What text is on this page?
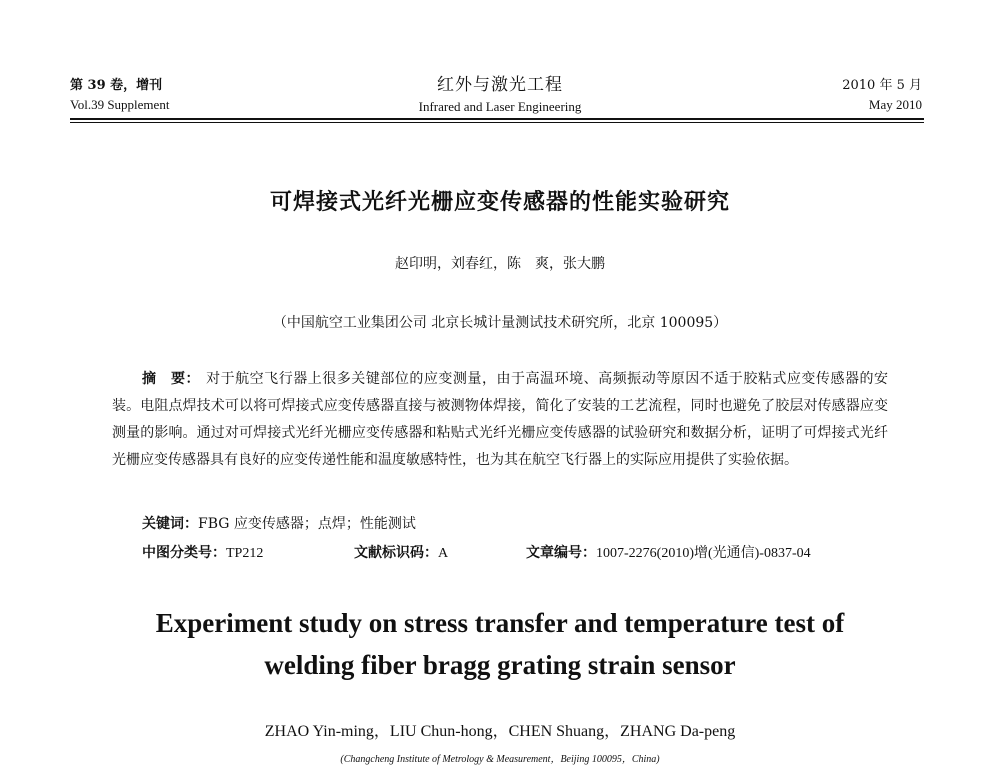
第 39 卷，增刊
Vol.39 Supplement
红外与激光工程
Infrared and Laser Engineering
2010 年 5 月
May 2010
可焊接式光纤光栅应变传感器的性能实验研究
赵印明，刘春红，陈　爽，张大鹏
（中国航空工业集团公司 北京长城计量测试技术研究所，北京 100095）
摘　要： 对于航空飞行器上很多关键部位的应变测量，由于高温环境、高频振动等原因不适于胶粘式应变传感器的安装。电阻点焊技术可以将可焊接式应变传感器直接与被测物体焊接，简化了安装的工艺流程，同时也避免了胶层对传感器应变测量的影响。通过对可焊接式光纤光栅应变传感器和粘贴式光纤光栅应变传感器的试验研究和数据分析，证明了可焊接式光纤光栅应变传感器具有良好的应变传递性能和温度敏感特性，也为其在航空飞行器上的实际应用提供了实验依据。
关键词：FBG 应变传感器；点焊；性能测试
中图分类号：TP212	文献标识码：A	文章编号：1007-2276(2010)增(光通信)-0837-04
Experiment study on stress transfer and temperature test of welding fiber bragg grating strain sensor
ZHAO Yin-ming，LIU Chun-hong，CHEN Shuang，ZHANG Da-peng
(Changcheng Institute of Metrology & Measurement，Beijing 100095，China)
